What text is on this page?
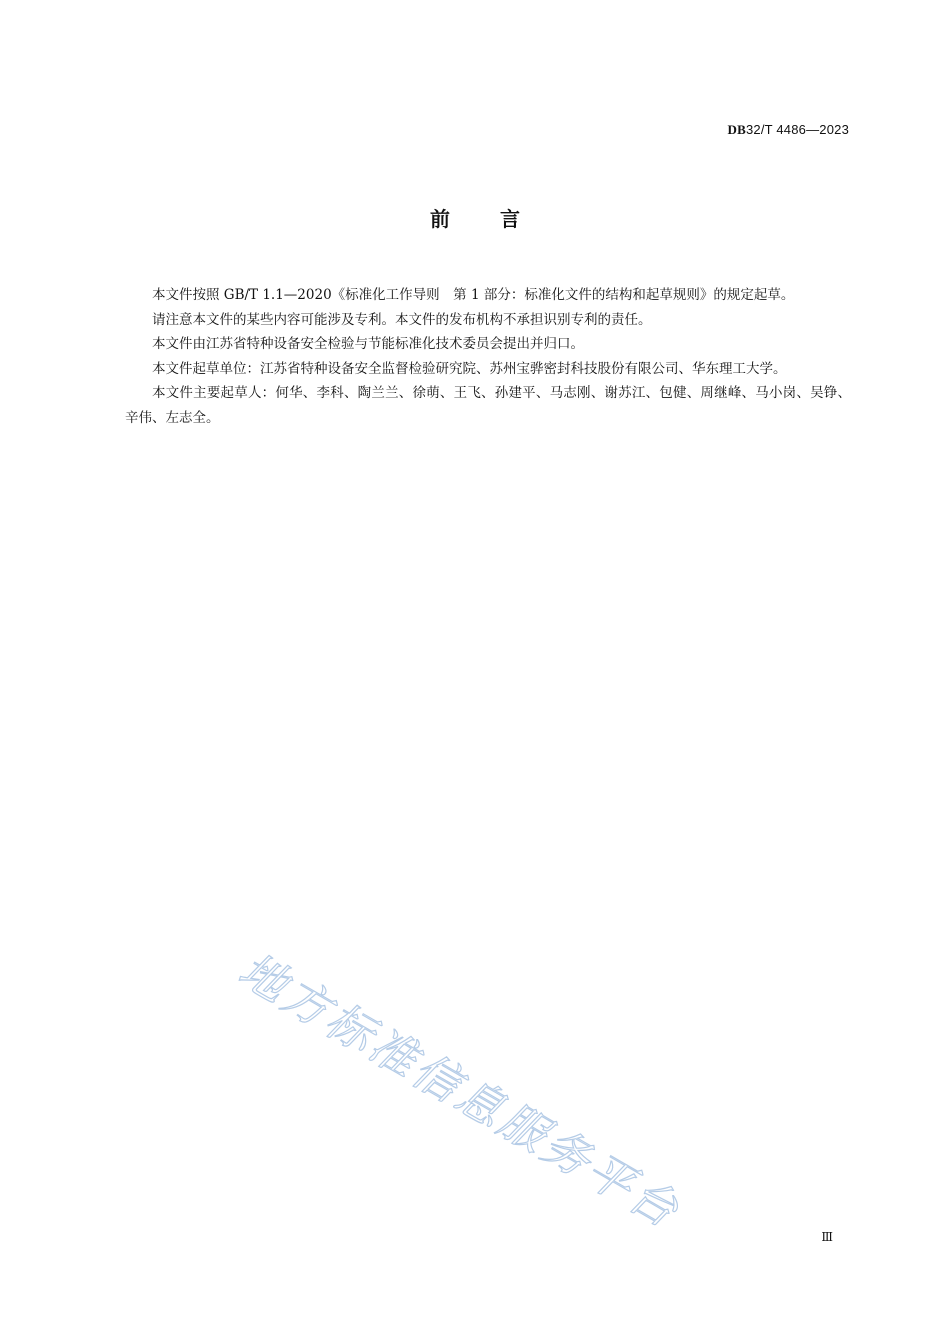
DB32/T 4486—2023
前言

本文件按照 GB/T 1.1—2020《标准化工作导则　第 1 部分：标准化文件的结构和起草规则》的规定起草。

请注意本文件的某些内容可能涉及专利。本文件的发布机构不承担识别专利的责任。

本文件由江苏省特种设备安全检验与节能标准化技术委员会提出并归口。

本文件起草单位：江苏省特种设备安全监督检验研究院、苏州宝骅密封科技股份有限公司、华东理工大学。

本文件主要起草人：何华、李科、陶兰兰、徐萌、王飞、孙建平、马志刚、谢苏江、包健、周继峰、马小岗、吴铮、辛伟、左志全。

地方标准信息服务平台	Ⅲ
